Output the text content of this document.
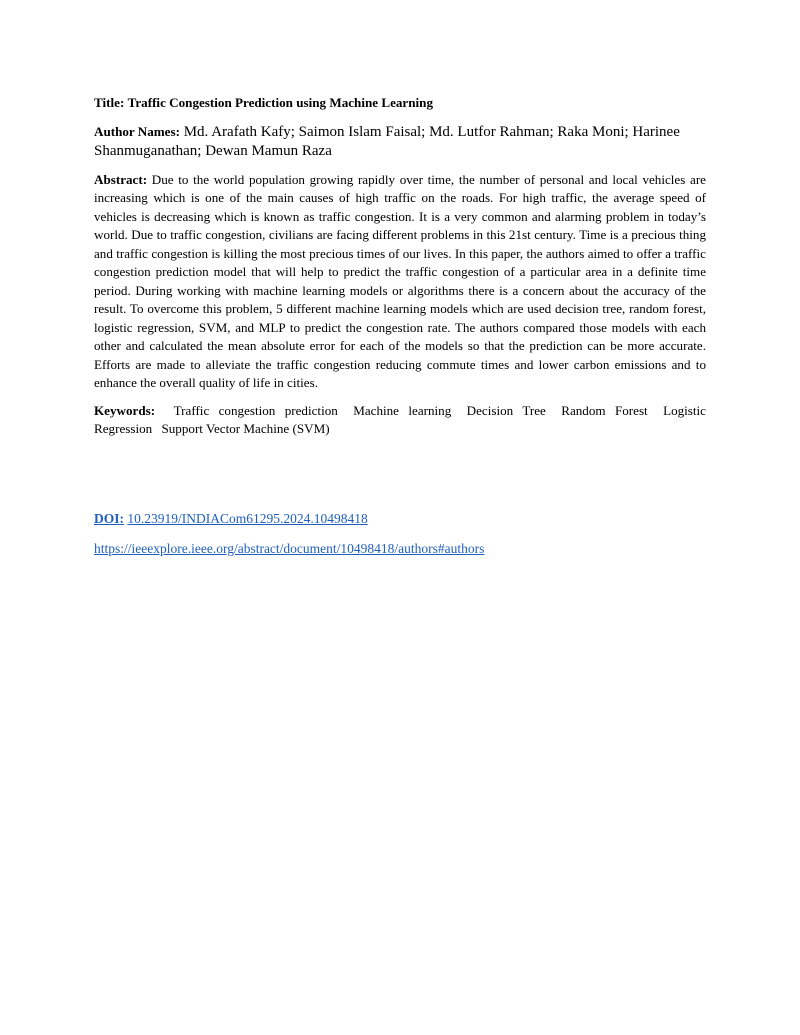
Title: Traffic Congestion Prediction using Machine Learning

Author Names: Md. Arafath Kafy; Saimon Islam Faisal; Md. Lutfor Rahman; Raka Moni; Harinee Shanmuganathan; Dewan Mamun Raza

Abstract: Due to the world population growing rapidly over time, the number of personal and local vehicles are increasing which is one of the main causes of high traffic on the roads. For high traffic, the average speed of vehicles is decreasing which is known as traffic congestion. It is a very common and alarming problem in today’s world. Due to traffic congestion, civilians are facing different problems in this 21st century. Time is a precious thing and traffic congestion is killing the most precious times of our lives. In this paper, the authors aimed to offer a traffic congestion prediction model that will help to predict the traffic congestion of a particular area in a definite time period. During working with machine learning models or algorithms there is a concern about the accuracy of the result. To overcome this problem, 5 different machine learning models which are used decision tree, random forest, logistic regression, SVM, and MLP to predict the congestion rate. The authors compared those models with each other and calculated the mean absolute error for each of the models so that the prediction can be more accurate. Efforts are made to alleviate the traffic congestion reducing commute times and lower carbon emissions and to enhance the overall quality of life in cities.

Keywords: Traffic congestion prediction Machine learning Decision Tree Random Forest Logistic Regression Support Vector Machine (SVM)

DOI: 10.23919/INDIACom61295.2024.10498418
https://ieeexplore.ieee.org/abstract/document/10498418/authors#authors
